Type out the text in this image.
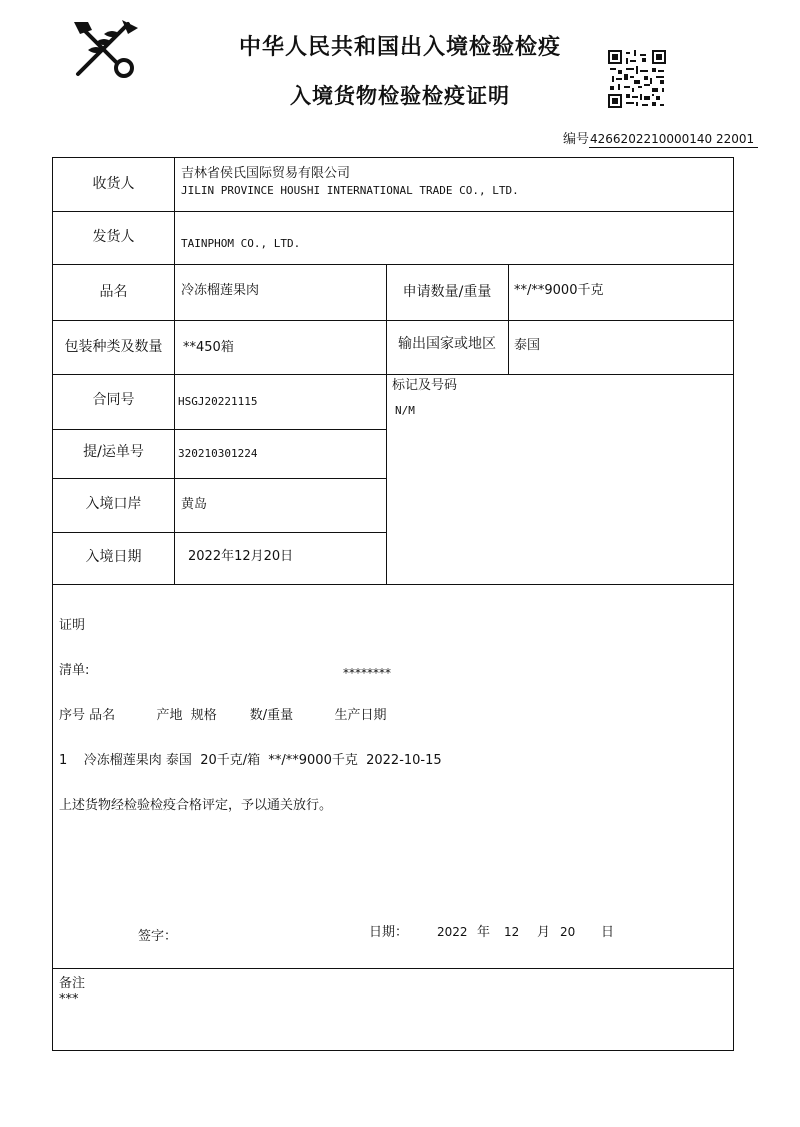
中华人民共和国出入境检验检疫
入境货物检验检疫证明
编号4266202210000140 22001
收货人
吉林省侯氏国际贸易有限公司
JILIN PROVINCE HOUSHI INTERNATIONAL TRADE CO., LTD.
发货人	TAINPHOM CO., LTD.
品名	冷冻榴莲果肉	申请数量/重量	**/**9000千克
包装种类及数量	**450箱	输出国家或地区	泰国
合同号	HSGJ20221115
标记及号码
N/M
提/运单号	320210301224
入境口岸	黄岛
入境日期	2022年12月20日

证明

清单:

序号 品名          产地  规格        数/重量          生产日期

1    冷冻榴莲果肉 泰国  20千克/箱  **/**9000千克  2022-10-15

上述货物经检验检疫合格评定，予以通关放行。

********
签字：	日期： 2022 年 12 月 20 日
备注
***
